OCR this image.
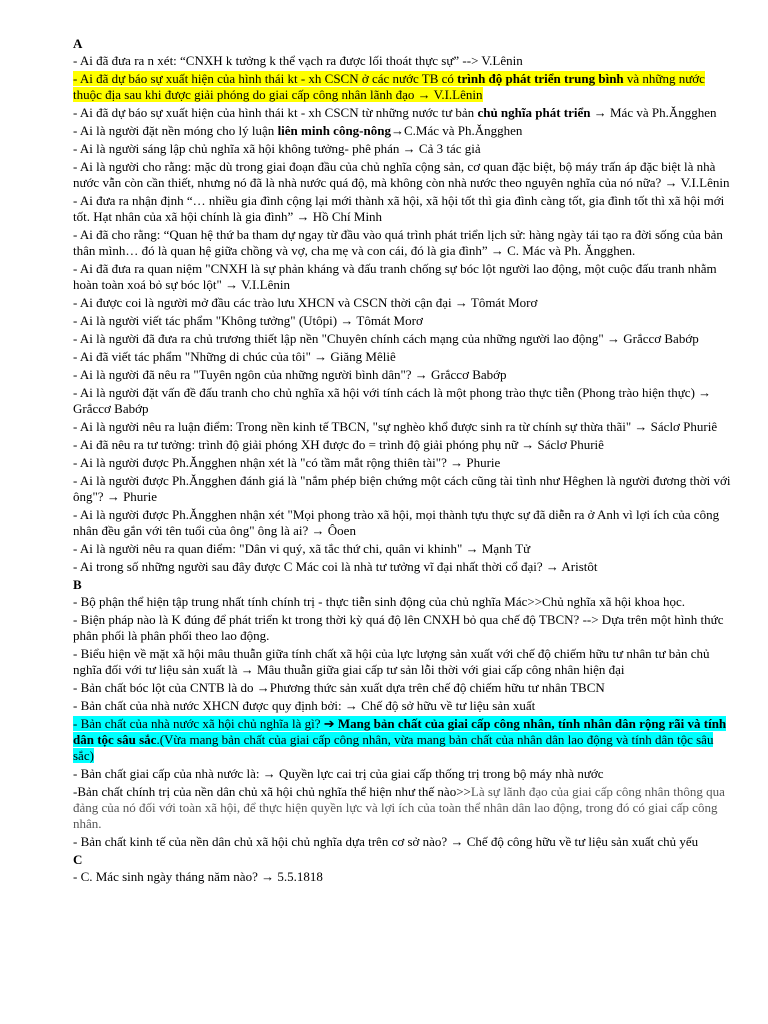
A
- Ai đã đưa ra n xét: “CNXH k tưởng k thể vạch ra được lối thoát thực sự” --> V.Lênin
- Ai đã dự báo sự xuất hiện của hình thái kt - xh CSCN ở các nước TB có trình độ phát triển trung bình và những nước thuộc địa sau khi được giải phóng do giai cấp công nhân lãnh đạo → V.I.Lênin
- Ai đã dự báo sự xuất hiện của hình thái kt - xh CSCN từ những nước tư bản chủ nghĩa phát triển → Mác và Ph.Ăngghen
- Ai là người đặt nền móng cho lý luận liên minh công-nông→C.Mác và Ph.Ăngghen
- Ai là người sáng lập chủ nghĩa xã hội không tưởng- phê phán → Cả 3 tác giả
- Ai là người cho rằng: mặc dù trong giai đoạn đầu của chủ nghĩa cộng sản, cơ quan đặc biệt, bộ máy trấn áp đặc biệt là nhà nước vẫn còn cần thiết, nhưng nó đã là nhà nước quá độ, mà không còn nhà nước theo nguyên nghĩa của nó nữa? → V.I.Lênin
- Ai đưa ra nhận định “… nhiều gia đình cộng lại mới thành xã hội, xã hội tốt thì gia đình càng tốt, gia đình tốt thì xã hội mới tốt. Hạt nhân của xã hội chính là gia đình” → Hồ Chí Minh
- Ai đã cho rằng: “Quan hệ thứ ba tham dự ngay từ đầu vào quá trình phát triển lịch sử: hàng ngày tái tạo ra đời sống của bản thân mình… đó là quan hệ giữa chồng và vợ, cha mẹ và con cái, đó là gia đình” → C. Mác và Ph. Ăngghen.
- Ai đã đưa ra quan niệm "CNXH là sự phản kháng và đấu tranh chống sự bóc lột người lao động, một cuộc đấu tranh nhằm hoàn toàn xoá bỏ sự bóc lột" → V.I.Lênin
- Ai được coi là người mở đầu các trào lưu XHCN và CSCN thời cận đại → Tômát Morơ
- Ai là người viết tác phẩm "Không tưởng" (Utôpi) → Tômát Morơ
- Ai là người đã đưa ra chủ trương thiết lập nền "Chuyên chính cách mạng của những người lao động" → Grắccơ Babớp
- Ai đã viết tác phẩm "Những di chúc của tôi" → Giăng Mêliê
- Ai là người đã nêu ra "Tuyên ngôn của những người bình dân"? → Grắccơ Babớp
- Ai là người đặt vấn đề đấu tranh cho chủ nghĩa xã hội với tính cách là một phong trào thực tiễn (Phong trào hiện thực) → Grắccơ Babớp
- Ai là người nêu ra luận điểm: Trong nền kinh tế TBCN, "sự nghèo khổ được sinh ra từ chính sự thừa thãi" → Sáclơ Phuriê
- Ai đã nêu ra tư tưởng: trình độ giải phóng XH được đo = trình độ giải phóng phụ nữ → Sáclơ Phuriê
- Ai là người được Ph.Ăngghen nhận xét là "có tầm mắt rộng thiên tài"? → Phurie
- Ai là người được Ph.Ăngghen đánh giá là "nắm phép biện chứng một cách cũng tài tình như Hêghen là người đương thời với ông"? → Phurie
- Ai là người được Ph.Ăngghen nhận xét "Mọi phong trào xã hội, mọi thành tựu thực sự đã diễn ra ở Anh vì lợi ích của công nhân đều gắn với tên tuổi của ông" ông là ai? → Ôoen
- Ai là người nêu ra quan điểm: "Dân vi quý, xã tắc thứ chi, quân vi khinh" → Mạnh Tử
- Ai trong số những người sau đây được C Mác coi là nhà tư tưởng vĩ đại nhất thời cổ đại? → Aristôt
B
- Bộ phận thể hiện tập trung nhất tính chính trị - thực tiễn sinh động của chủ nghĩa Mác>>Chủ nghĩa xã hội khoa học.
- Biện pháp nào là K đúng để phát triển kt trong thời kỳ quá độ lên CNXH bỏ qua chế độ TBCN? --> Dựa trên một hình thức phân phối là phân phối theo lao động.
- Biểu hiện về mặt xã hội mâu thuẫn giữa tính chất xã hội của lực lượng sản xuất với chế độ chiếm hữu tư nhân tư bản chủ nghĩa đối với tư liệu sản xuất là → Mâu thuẫn giữa giai cấp tư sản lỗi thời với giai cấp công nhân hiện đại
- Bản chất bóc lột của CNTB là do →Phương thức sản xuất dựa trên chế độ chiếm hữu tư nhân TBCN
- Bản chất của nhà nước XHCN được quy định bởi: → Chế độ sở hữu về tư liệu sản xuất
- Bản chất của nhà nước xã hội chủ nghĩa là gì? ➔ Mang bản chất của giai cấp công nhân, tính nhân dân rộng rãi và tính dân tộc sâu sắc.(Vừa mang bản chất của giai cấp công nhân, vừa mang bản chất của nhân dân lao động và tính dân tộc sâu sắc)
- Bản chất giai cấp của nhà nước là: → Quyền lực cai trị của giai cấp thống trị trong bộ máy nhà nước
-Bản chất chính trị của nền dân chủ xã hội chủ nghĩa thể hiện như thế nào>>Là sự lãnh đạo của giai cấp công nhân thông qua đảng của nó đối với toàn xã hội, để thực hiện quyền lực và lợi ích của toàn thể nhân dân lao động, trong đó có giai cấp công nhân.
- Bản chất kinh tế của nền dân chủ xã hội chủ nghĩa dựa trên cơ sở nào? → Chế độ công hữu về tư liệu sản xuất chủ yếu
C
- C. Mác sinh ngày tháng năm nào? → 5.5.1818
